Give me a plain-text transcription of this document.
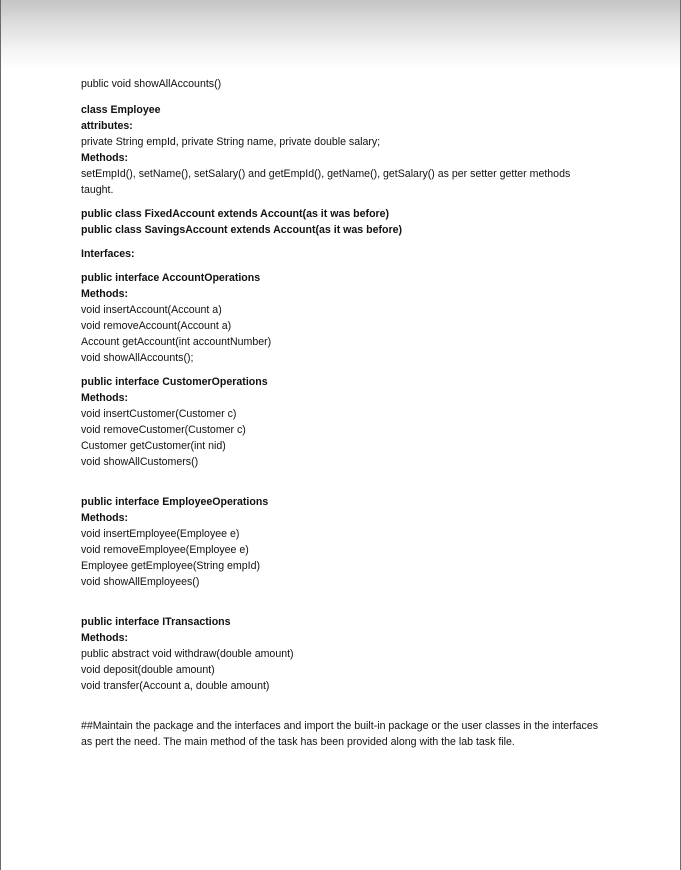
public void showAllAccounts()
class Employee
attributes:
private String empId, private String name, private double salary;
Methods:
setEmpId(), setName(), setSalary() and getEmpId(), getName(), getSalary() as per setter getter methods taught.
public class FixedAccount extends Account(as it was before)
public class SavingsAccount extends Account(as it was before)
Interfaces:
public interface AccountOperations
Methods:
void insertAccount(Account a)
void removeAccount(Account a)
Account getAccount(int accountNumber)
void showAllAccounts();
public interface CustomerOperations
Methods:
void insertCustomer(Customer c)
void removeCustomer(Customer c)
Customer getCustomer(int nid)
void showAllCustomers()
public interface EmployeeOperations
Methods:
void insertEmployee(Employee e)
void removeEmployee(Employee e)
Employee getEmployee(String empId)
void showAllEmployees()
public interface ITransactions
Methods:
public abstract void withdraw(double amount)
void deposit(double amount)
void transfer(Account a, double amount)
##Maintain the package and the interfaces and import the built-in package or the user classes in the interfaces as pert the need. The main method of the task has been provided along with the lab task file.
